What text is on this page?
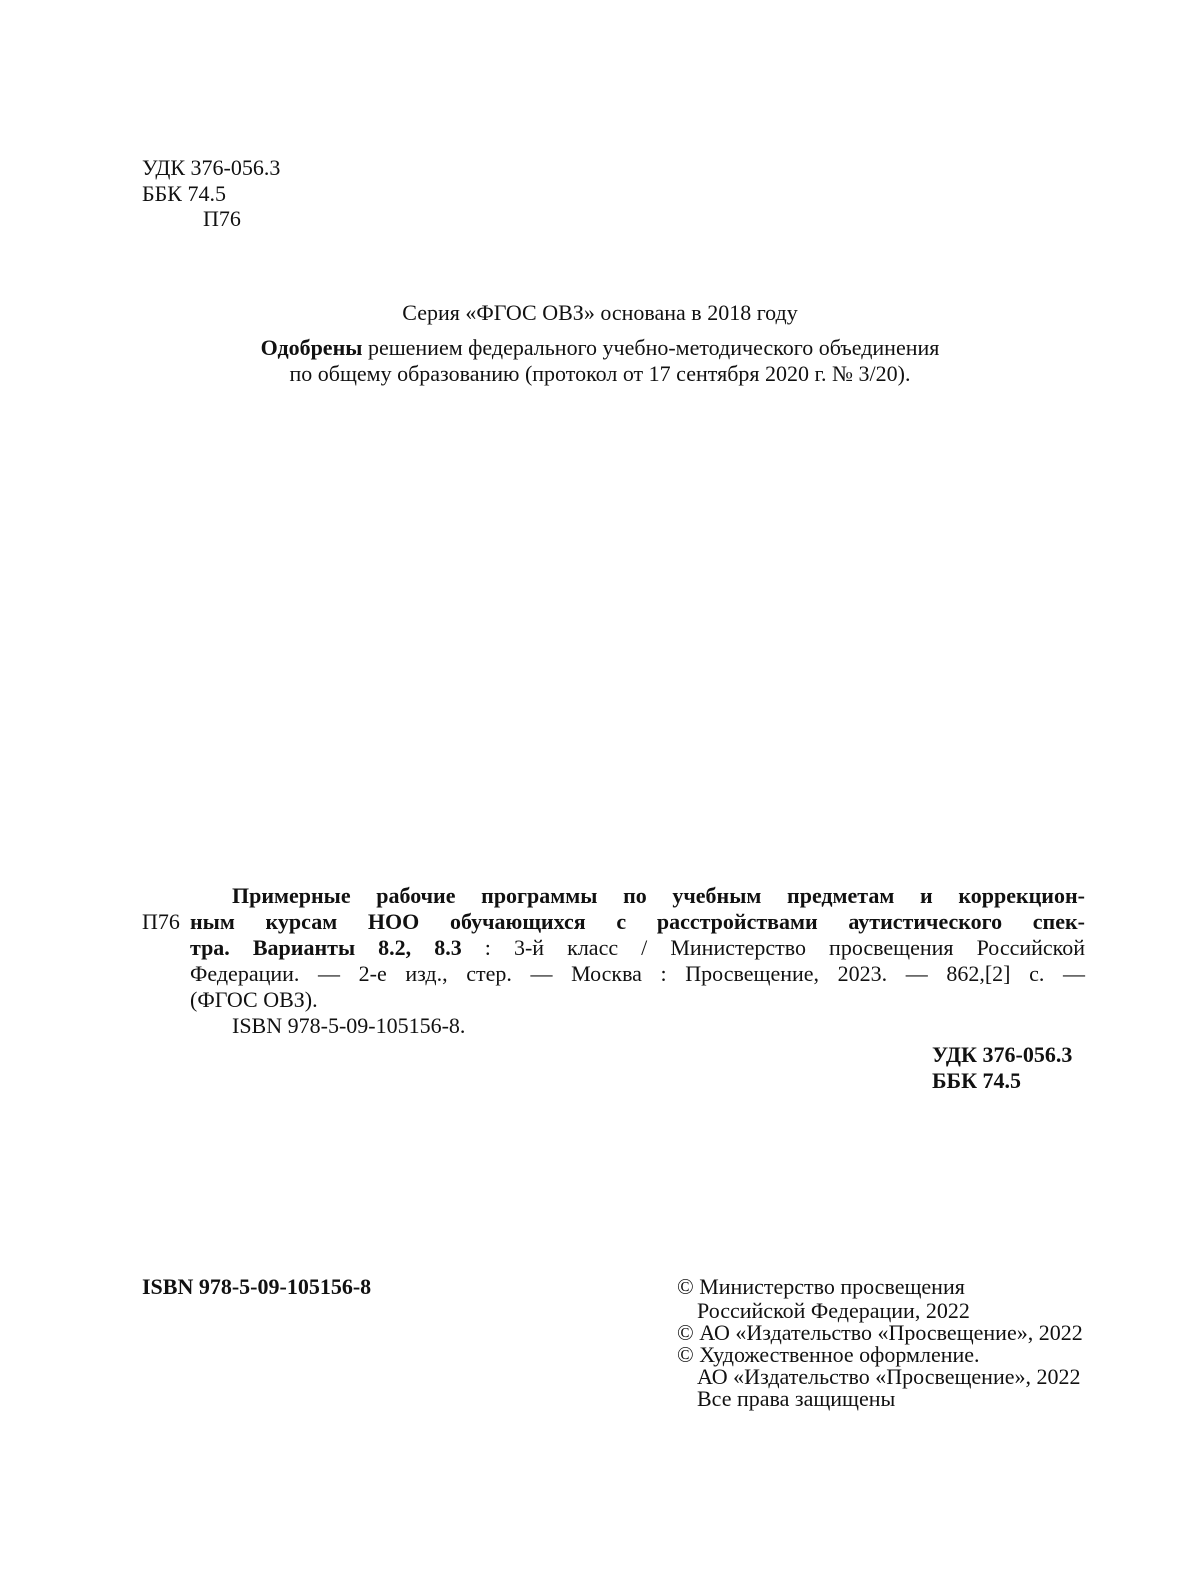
УДК 376-056.3
ББК 74.5
П76
Серия «ФГОС ОВЗ» основана в 2018 году
Одобрены решением федерального учебно-методического объединения
по общему образованию (протокол от 17 сентября 2020 г. № 3/20).
П76
Примерные рабочие программы по учебным предметам и коррекцион-
ным курсам НОО обучающихся с расстройствами аутистического спек-
тра. Варианты 8.2, 8.3 : 3-й класс / Министерство просвещения Российской
Федерации. — 2-е изд., стер. — Москва : Просвещение, 2023. — 862,[2] с. —
(ФГОС ОВЗ).
ISBN 978-5-09-105156-8.
УДК 376-056.3
ББК 74.5
ISBN 978-5-09-105156-8	© Министерство просвещения
Российской Федерации, 2022
© АО «Издательство «Просвещение», 2022
© Художественное оформление.
АО «Издательство «Просвещение», 2022
Все права защищены
